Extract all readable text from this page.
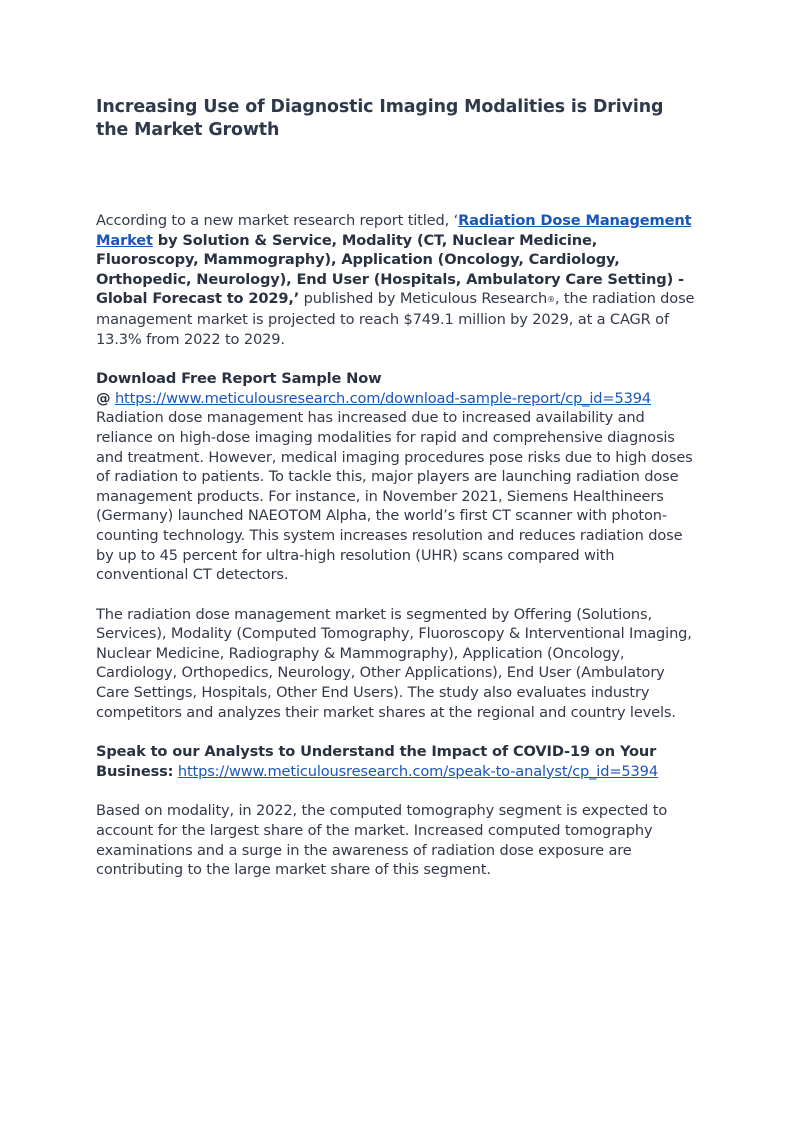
Increasing Use of Diagnostic Imaging Modalities is Driving the Market Growth

According to a new market research report titled, ‘Radiation Dose Management Market by Solution & Service, Modality (CT, Nuclear Medicine, Fluoroscopy, Mammography), Application (Oncology, Cardiology, Orthopedic, Neurology), End User (Hospitals, Ambulatory Care Setting) - Global Forecast to 2029,’ published by Meticulous Research®, the radiation dose management market is projected to reach $749.1 million by 2029, at a CAGR of 13.3% from 2022 to 2029.

Download Free Report Sample Now
@ https://www.meticulousresearch.com/download-sample-report/cp_id=5394

Radiation dose management has increased due to increased availability and reliance on high-dose imaging modalities for rapid and comprehensive diagnosis and treatment. However, medical imaging procedures pose risks due to high doses of radiation to patients. To tackle this, major players are launching radiation dose management products. For instance, in November 2021, Siemens Healthineers (Germany) launched NAEOTOM Alpha, the world’s first CT scanner with photon-counting technology. This system increases resolution and reduces radiation dose by up to 45 percent for ultra-high resolution (UHR) scans compared with conventional CT detectors.

The radiation dose management market is segmented by Offering (Solutions, Services), Modality (Computed Tomography, Fluoroscopy & Interventional Imaging, Nuclear Medicine, Radiography & Mammography), Application (Oncology, Cardiology, Orthopedics, Neurology, Other Applications), End User (Ambulatory Care Settings, Hospitals, Other End Users). The study also evaluates industry competitors and analyzes their market shares at the regional and country levels.

Speak to our Analysts to Understand the Impact of COVID-19 on Your Business: https://www.meticulousresearch.com/speak-to-analyst/cp_id=5394

Based on modality, in 2022, the computed tomography segment is expected to account for the largest share of the market. Increased computed tomography examinations and a surge in the awareness of radiation dose exposure are contributing to the large market share of this segment.
